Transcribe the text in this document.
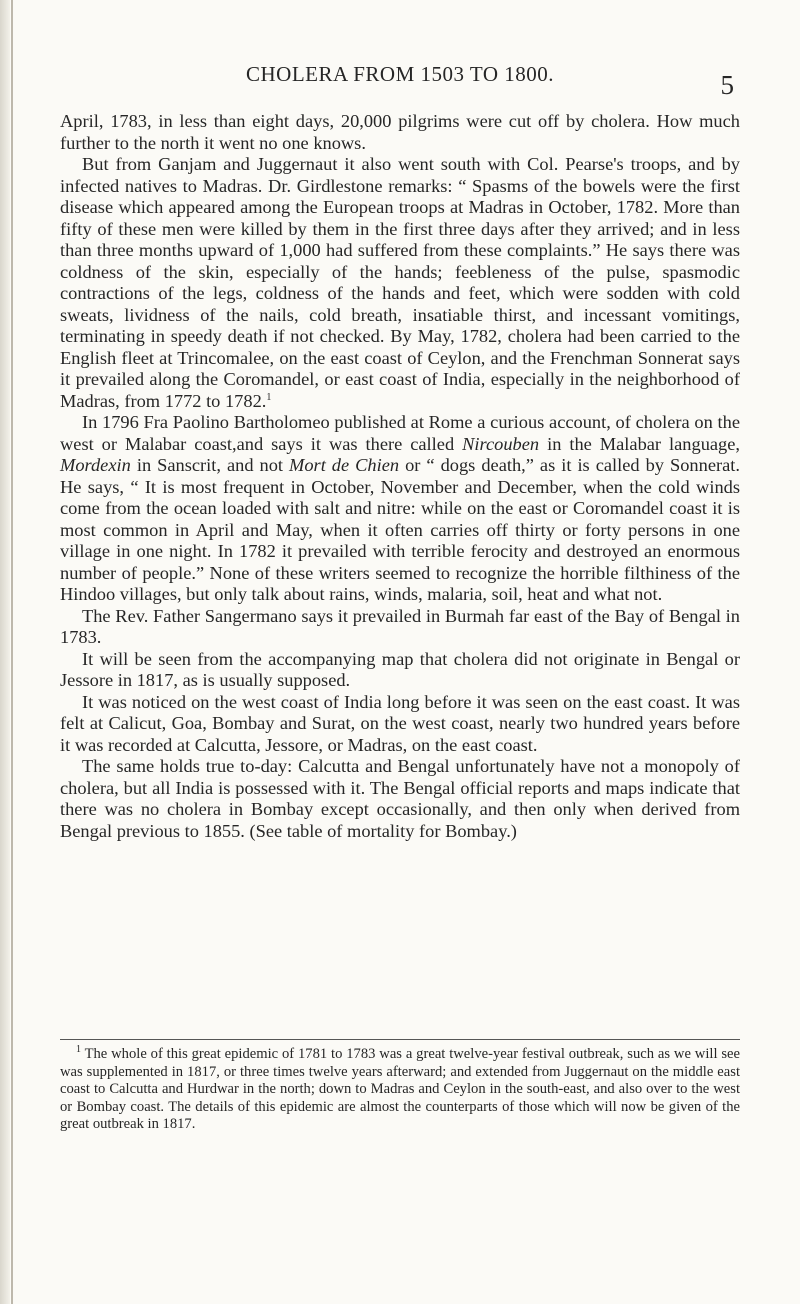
CHOLERA FROM 1503 TO 1800.	5

April, 1783, in less than eight days, 20,000 pilgrims were cut off by cholera. How much further to the north it went no one knows.

But from Ganjam and Juggernaut it also went south with Col. Pearse's troops, and by infected natives to Madras. Dr. Girdlestone remarks: “ Spasms of the bowels were the first disease which appeared among the European troops at Madras in October, 1782. More than fifty of these men were killed by them in the first three days after they arrived; and in less than three months upward of 1,000 had suffered from these complaints.” He says there was coldness of the skin, especially of the hands; feebleness of the pulse, spasmodic contractions of the legs, coldness of the hands and feet, which were sodden with cold sweats, lividness of the nails, cold breath, insatiable thirst, and incessant vomitings, terminating in speedy death if not checked. By May, 1782, cholera had been carried to the English fleet at Trincomalee, on the east coast of Ceylon, and the Frenchman Sonnerat says it prevailed along the Coromandel, or east coast of India, especially in the neighborhood of Madras, from 1772 to 1782.$^1$

In 1796 Fra Paolino Bartholomeo published at Rome a curious account, of cholera on the west or Malabar coast,and says it was there called Nircouben in the Malabar language, Mordexin in Sanscrit, and not Mort de Chien or “ dogs death,” as it is called by Sonnerat. He says, “ It is most frequent in October, November and December, when the cold winds come from the ocean loaded with salt and nitre: while on the east or Coromandel coast it is most common in April and May, when it often carries off thirty or forty persons in one village in one night. In 1782 it prevailed with terrible ferocity and destroyed an enormous number of people.” None of these writers seemed to recognize the horrible filthiness of the Hindoo villages, but only talk about rains, winds, malaria, soil, heat and what not.

The Rev. Father Sangermano says it prevailed in Burmah far east of the Bay of Bengal in 1783.

It will be seen from the accompanying map that cholera did not originate in Bengal or Jessore in 1817, as is usually supposed.

It was noticed on the west coast of India long before it was seen on the east coast. It was felt at Calicut, Goa, Bombay and Surat, on the west coast, nearly two hundred years before it was recorded at Calcutta, Jessore, or Madras, on the east coast.

The same holds true to-day: Calcutta and Bengal unfortunately have not a monopoly of cholera, but all India is possessed with it. The Bengal official reports and maps indicate that there was no cholera in Bombay except occasionally, and then only when derived from Bengal previous to 1855. (See table of mortality for Bombay.)

$^1$ The whole of this great epidemic of 1781 to 1783 was a great twelve-year festival outbreak, such as we will see was supplemented in 1817, or three times twelve years afterward; and extended from Juggernaut on the middle east coast to Calcutta and Hurdwar in the north; down to Madras and Ceylon in the south-east, and also over to the west or Bombay coast. The details of this epidemic are almost the counterparts of those which will now be given of the great outbreak in 1817.
